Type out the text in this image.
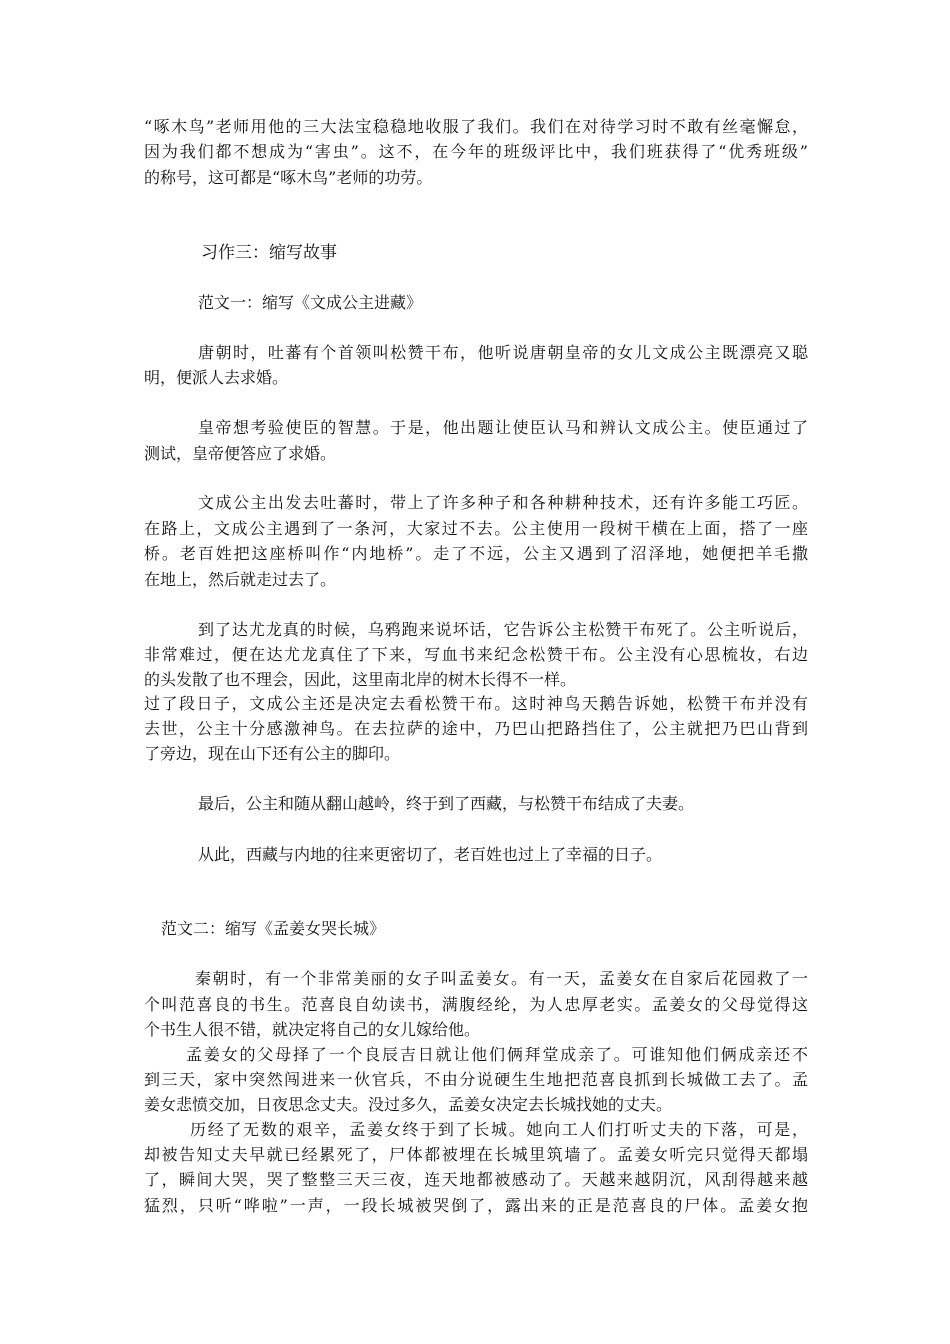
“啄木鸟”老师用他的三大法宝稳稳地收服了我们。我们在对待学习时不敢有丝毫懈怠，
因为我们都不想成为“害虫”。这不，在今年的班级评比中，我们班获得了“优秀班级”
的称号，这可都是“啄木鸟”老师的功劳。
习作三：缩写故事
范文一：缩写《文成公主进藏》
唐朝时，吐蕃有个首领叫松赞干布，他听说唐朝皇帝的女儿文成公主既漂亮又聪
明，便派人去求婚。
皇帝想考验使臣的智慧。于是，他出题让使臣认马和辨认文成公主。使臣通过了
测试，皇帝便答应了求婚。
文成公主出发去吐蕃时，带上了许多种子和各种耕种技术，还有许多能工巧匠。
在路上，文成公主遇到了一条河，大家过不去。公主使用一段树干横在上面，搭了一座
桥。老百姓把这座桥叫作“内地桥”。走了不远，公主又遇到了沼泽地，她便把羊毛撒
在地上，然后就走过去了。
到了达尤龙真的时候，乌鸦跑来说坏话，它告诉公主松赞干布死了。公主听说后，
非常难过，便在达尤龙真住了下来，写血书来纪念松赞干布。公主没有心思梳妆，右边
的头发散了也不理会，因此，这里南北岸的树木长得不一样。
过了段日子，文成公主还是决定去看松赞干布。这时神鸟天鹅告诉她，松赞干布并没有
去世，公主十分感激神鸟。在去拉萨的途中，乃巴山把路挡住了，公主就把乃巴山背到
了旁边，现在山下还有公主的脚印。
最后，公主和随从翻山越岭，终于到了西藏，与松赞干布结成了夫妻。
从此，西藏与内地的往来更密切了，老百姓也过上了幸福的日子。
范文二：缩写《孟姜女哭长城》
秦朝时，有一个非常美丽的女子叫孟姜女。有一天，孟姜女在自家后花园救了一
个叫范喜良的书生。范喜良自幼读书，满腹经纶，为人忠厚老实。孟姜女的父母觉得这
个书生人很不错，就决定将自己的女儿嫁给他。
孟姜女的父母择了一个良辰吉日就让他们俩拜堂成亲了。可谁知他们俩成亲还不
到三天，家中突然闯进来一伙官兵，不由分说硬生生地把范喜良抓到长城做工去了。孟
姜女悲愤交加，日夜思念丈夫。没过多久，孟姜女决定去长城找她的丈夫。
历经了无数的艰辛，孟姜女终于到了长城。她向工人们打听丈夫的下落，可是，
却被告知丈夫早就已经累死了，尸体都被埋在长城里筑墙了。孟姜女听完只觉得天都塌
了，瞬间大哭，哭了整整三天三夜，连天地都被感动了。天越来越阴沉，风刮得越来越
猛烈，只听“哗啦”一声，一段长城被哭倒了，露出来的正是范喜良的尸体。孟姜女抱
